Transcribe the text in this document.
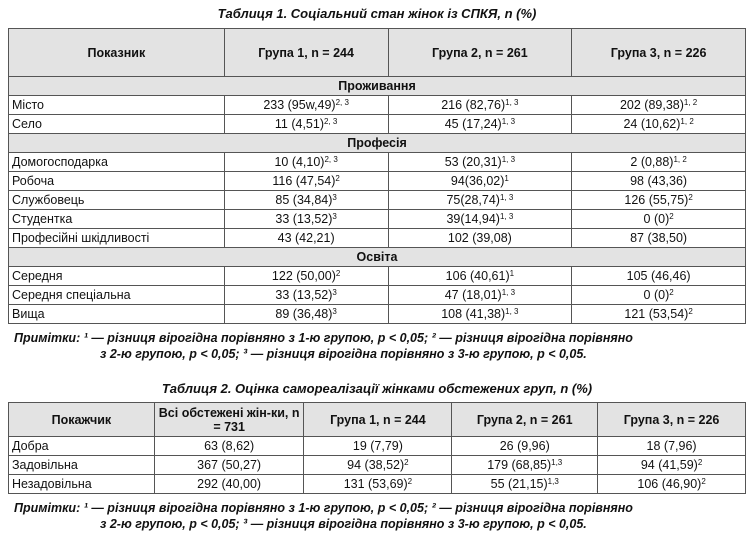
Таблиця 1. Соціальний стан жінок із СПКЯ, n (%)
Показник	Група 1, n = 244	Група 2, n = 261	Група 3, n = 226
Проживання			
Місто	233 $(95w,49)^{2, 3}$	216 $(82,76)^{1, 3}$	202 $(89,38)^{1, 2}$
Село	11 $(4,51)^{2, 3}$	45 $(17,24)^{1, 3}$	24 $(10,62)^{1, 2}$
Професія			
Домогосподарка	10 $(4,10)^{2, 3}$	53 $(20,31)^{1, 3}$	2 $(0,88)^{1, 2}$
Робоча	116 $(47,54)^2$	$94(36,02)^1$	98 (43,36)
Службовець	85 $(34,84)^3$	$75(28,74)^{1, 3}$	126 $(55,75)^2$
Студентка	33 $(13,52)^3$	$39(14,94)^{1, 3}$	0 $(0)^2$
Професійні шкідливості	43 (42,21)	102 (39,08)	87 (38,50)
Освіта			
Середня	122 $(50,00)^2$	106 $(40,61)^1$	105 (46,46)
Середня спеціальна	33 $(13,52)^3$	47 $(18,01)^{1, 3}$	0 $(0)^2$
Вища	89 $(36,48)^3$	108 $(41,38)^{1, 3}$	121 $(53,54)^2$
Примітки: ¹ — різниця вірогідна порівняно з 1-ю групою, р < 0,05; ² — різниця вірогідна порівняно
з 2-ю групою, р < 0,05; ³ — різниця вірогідна порівняно з 3-ю групою, р < 0,05.
Таблиця 2. Оцінка самореалізації жінками обстежених груп, n (%)
Покажчик	Всі обстежені жін-ки, n = 731	Група 1, n = 244	Група 2, n = 261	Група 3, n = 226
Добра	63 (8,62)	19 (7,79)	26 (9,96)	18 (7,96)
Задовільна	367 (50,27)	94 $(38,52)^2$	179 $(68,85)^{1,3}$	94 $(41,59)^2$
Незадовільна	292 (40,00)	131 $(53,69)^2$	55 $(21,15)^{1,3}$	106 $(46,90)^2$
Примітки: ¹ — різниця вірогідна порівняно з 1-ю групою, р < 0,05; ² — різниця вірогідна порівняно
з 2-ю групою, р < 0,05; ³ — різниця вірогідна порівняно з 3-ю групою, р < 0,05.
